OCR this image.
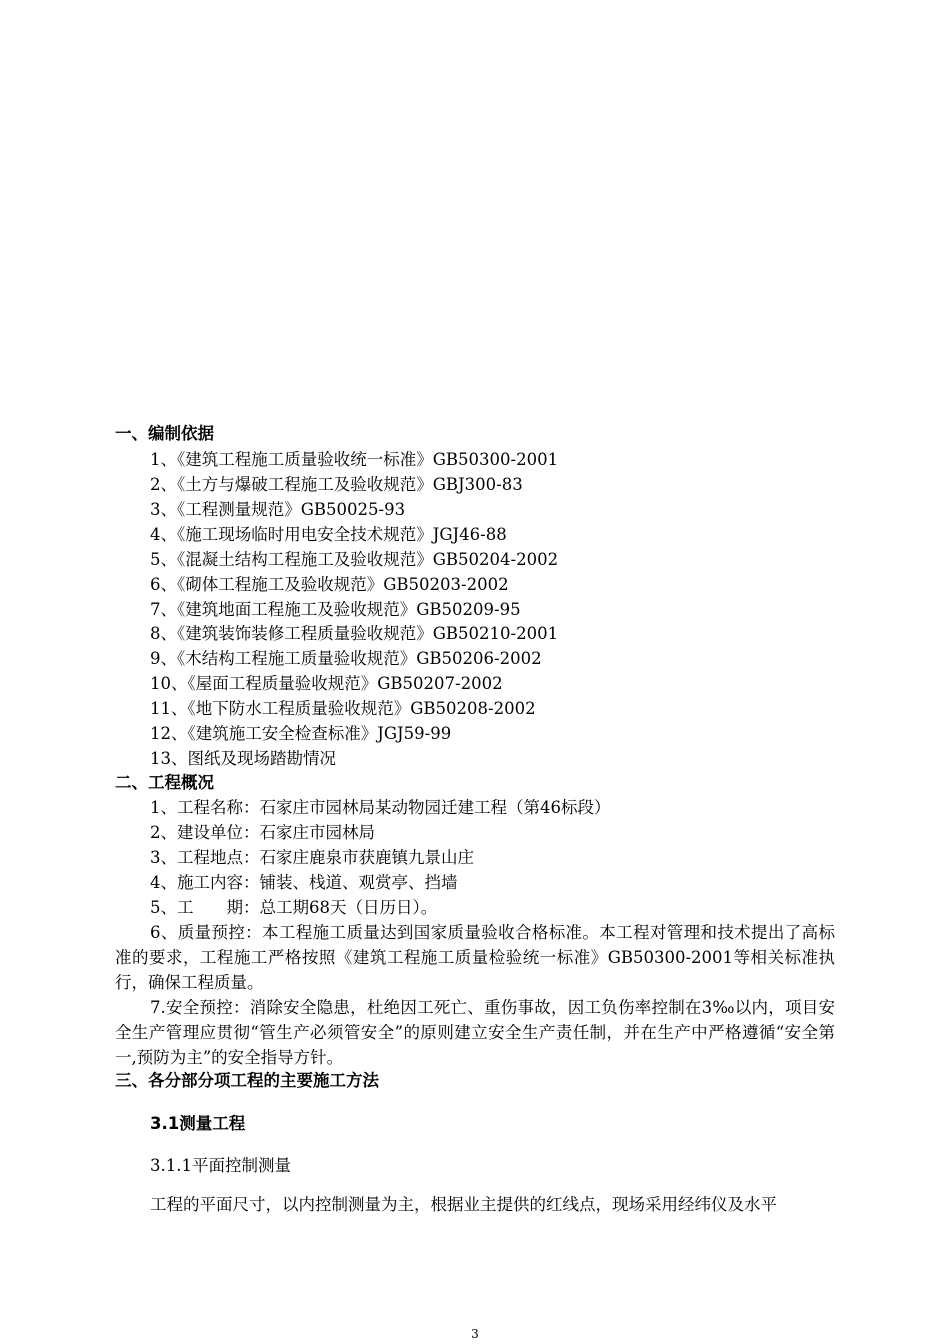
一、编制依据
1、《建筑工程施工质量验收统一标准》GB50300-2001
2、《土方与爆破工程施工及验收规范》GBJ300-83
3、《工程测量规范》GB50025-93
4、《施工现场临时用电安全技术规范》JGJ46-88
5、《混凝土结构工程施工及验收规范》GB50204-2002
6、《砌体工程施工及验收规范》GB50203-2002
7、《建筑地面工程施工及验收规范》GB50209-95
8、《建筑装饰装修工程质量验收规范》GB50210-2001
9、《木结构工程施工质量验收规范》GB50206-2002
10、《屋面工程质量验收规范》GB50207-2002
11、《地下防水工程质量验收规范》GB50208-2002
12、《建筑施工安全检查标准》JGJ59-99
13、图纸及现场踏勘情况
二、工程概况
1、工程名称：石家庄市园林局某动物园迁建工程（第46标段）
2、建设单位：石家庄市园林局
3、工程地点：石家庄鹿泉市获鹿镇九景山庄
4、施工内容：铺装、栈道、观赏亭、挡墙
5、工　　期：总工期68天（日历日）。
6、质量预控：本工程施工质量达到国家质量验收合格标准。本工程对管理和技术提出了高标准的要求，工程施工严格按照《建筑工程施工质量检验统一标准》GB50300-2001等相关标准执行，确保工程质量。
7.安全预控：消除安全隐患，杜绝因工死亡、重伤事故，因工负伤率控制在3‰以内，项目安全生产管理应贯彻“管生产必须管安全”的原则建立安全生产责任制，并在生产中严格遵循“安全第一,预防为主”的安全指导方针。
三、各分部分项工程的主要施工方法
3.1测量工程
3.1.1平面控制测量
工程的平面尺寸，以内控制测量为主，根据业主提供的红线点，现场采用经纬仪及水平
3
